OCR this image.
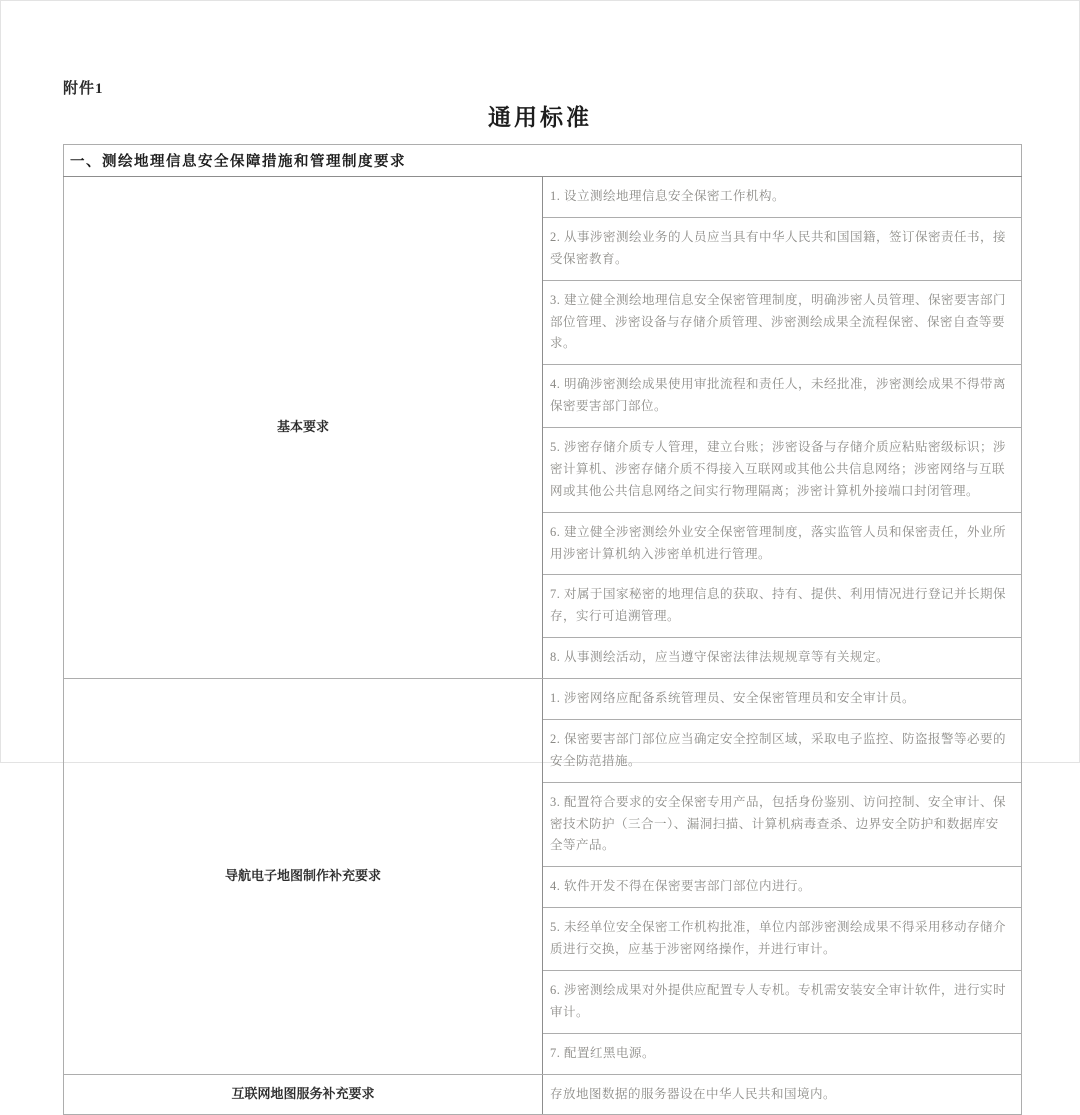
附件1
通用标准
一、测绘地理信息安全保障措施和管理制度要求	
基本要求	1. 设立测绘地理信息安全保密工作机构。
	2. 从事涉密测绘业务的人员应当具有中华人民共和国国籍，签订保密责任书，接受保密教育。
	3. 建立健全测绘地理信息安全保密管理制度，明确涉密人员管理、保密要害部门部位管理、涉密设备与存储介质管理、涉密测绘成果全流程保密、保密自查等要求。
	4. 明确涉密测绘成果使用审批流程和责任人，未经批准，涉密测绘成果不得带离保密要害部门部位。
	5. 涉密存储介质专人管理，建立台账；涉密设备与存储介质应粘贴密级标识；涉密计算机、涉密存储介质不得接入互联网或其他公共信息网络；涉密网络与互联网或其他公共信息网络之间实行物理隔离；涉密计算机外接端口封闭管理。
	6. 建立健全涉密测绘外业安全保密管理制度，落实监管人员和保密责任，外业所用涉密计算机纳入涉密单机进行管理。
	7. 对属于国家秘密的地理信息的获取、持有、提供、利用情况进行登记并长期保存，实行可追溯管理。
	8. 从事测绘活动，应当遵守保密法律法规规章等有关规定。
导航电子地图制作补充要求	1. 涉密网络应配备系统管理员、安全保密管理员和安全审计员。
	2. 保密要害部门部位应当确定安全控制区域，采取电子监控、防盗报警等必要的安全防范措施。
	3. 配置符合要求的安全保密专用产品，包括身份鉴别、访问控制、安全审计、保密技术防护（三合一）、漏洞扫描、计算机病毒查杀、边界安全防护和数据库安全等产品。
	4. 软件开发不得在保密要害部门部位内进行。
	5. 未经单位安全保密工作机构批准，单位内部涉密测绘成果不得采用移动存储介质进行交换，应基于涉密网络操作，并进行审计。
	6. 涉密测绘成果对外提供应配置专人专机。专机需安装安全审计软件，进行实时审计。
	7. 配置红黑电源。
互联网地图服务补充要求	存放地图数据的服务器设在中华人民共和国境内。
